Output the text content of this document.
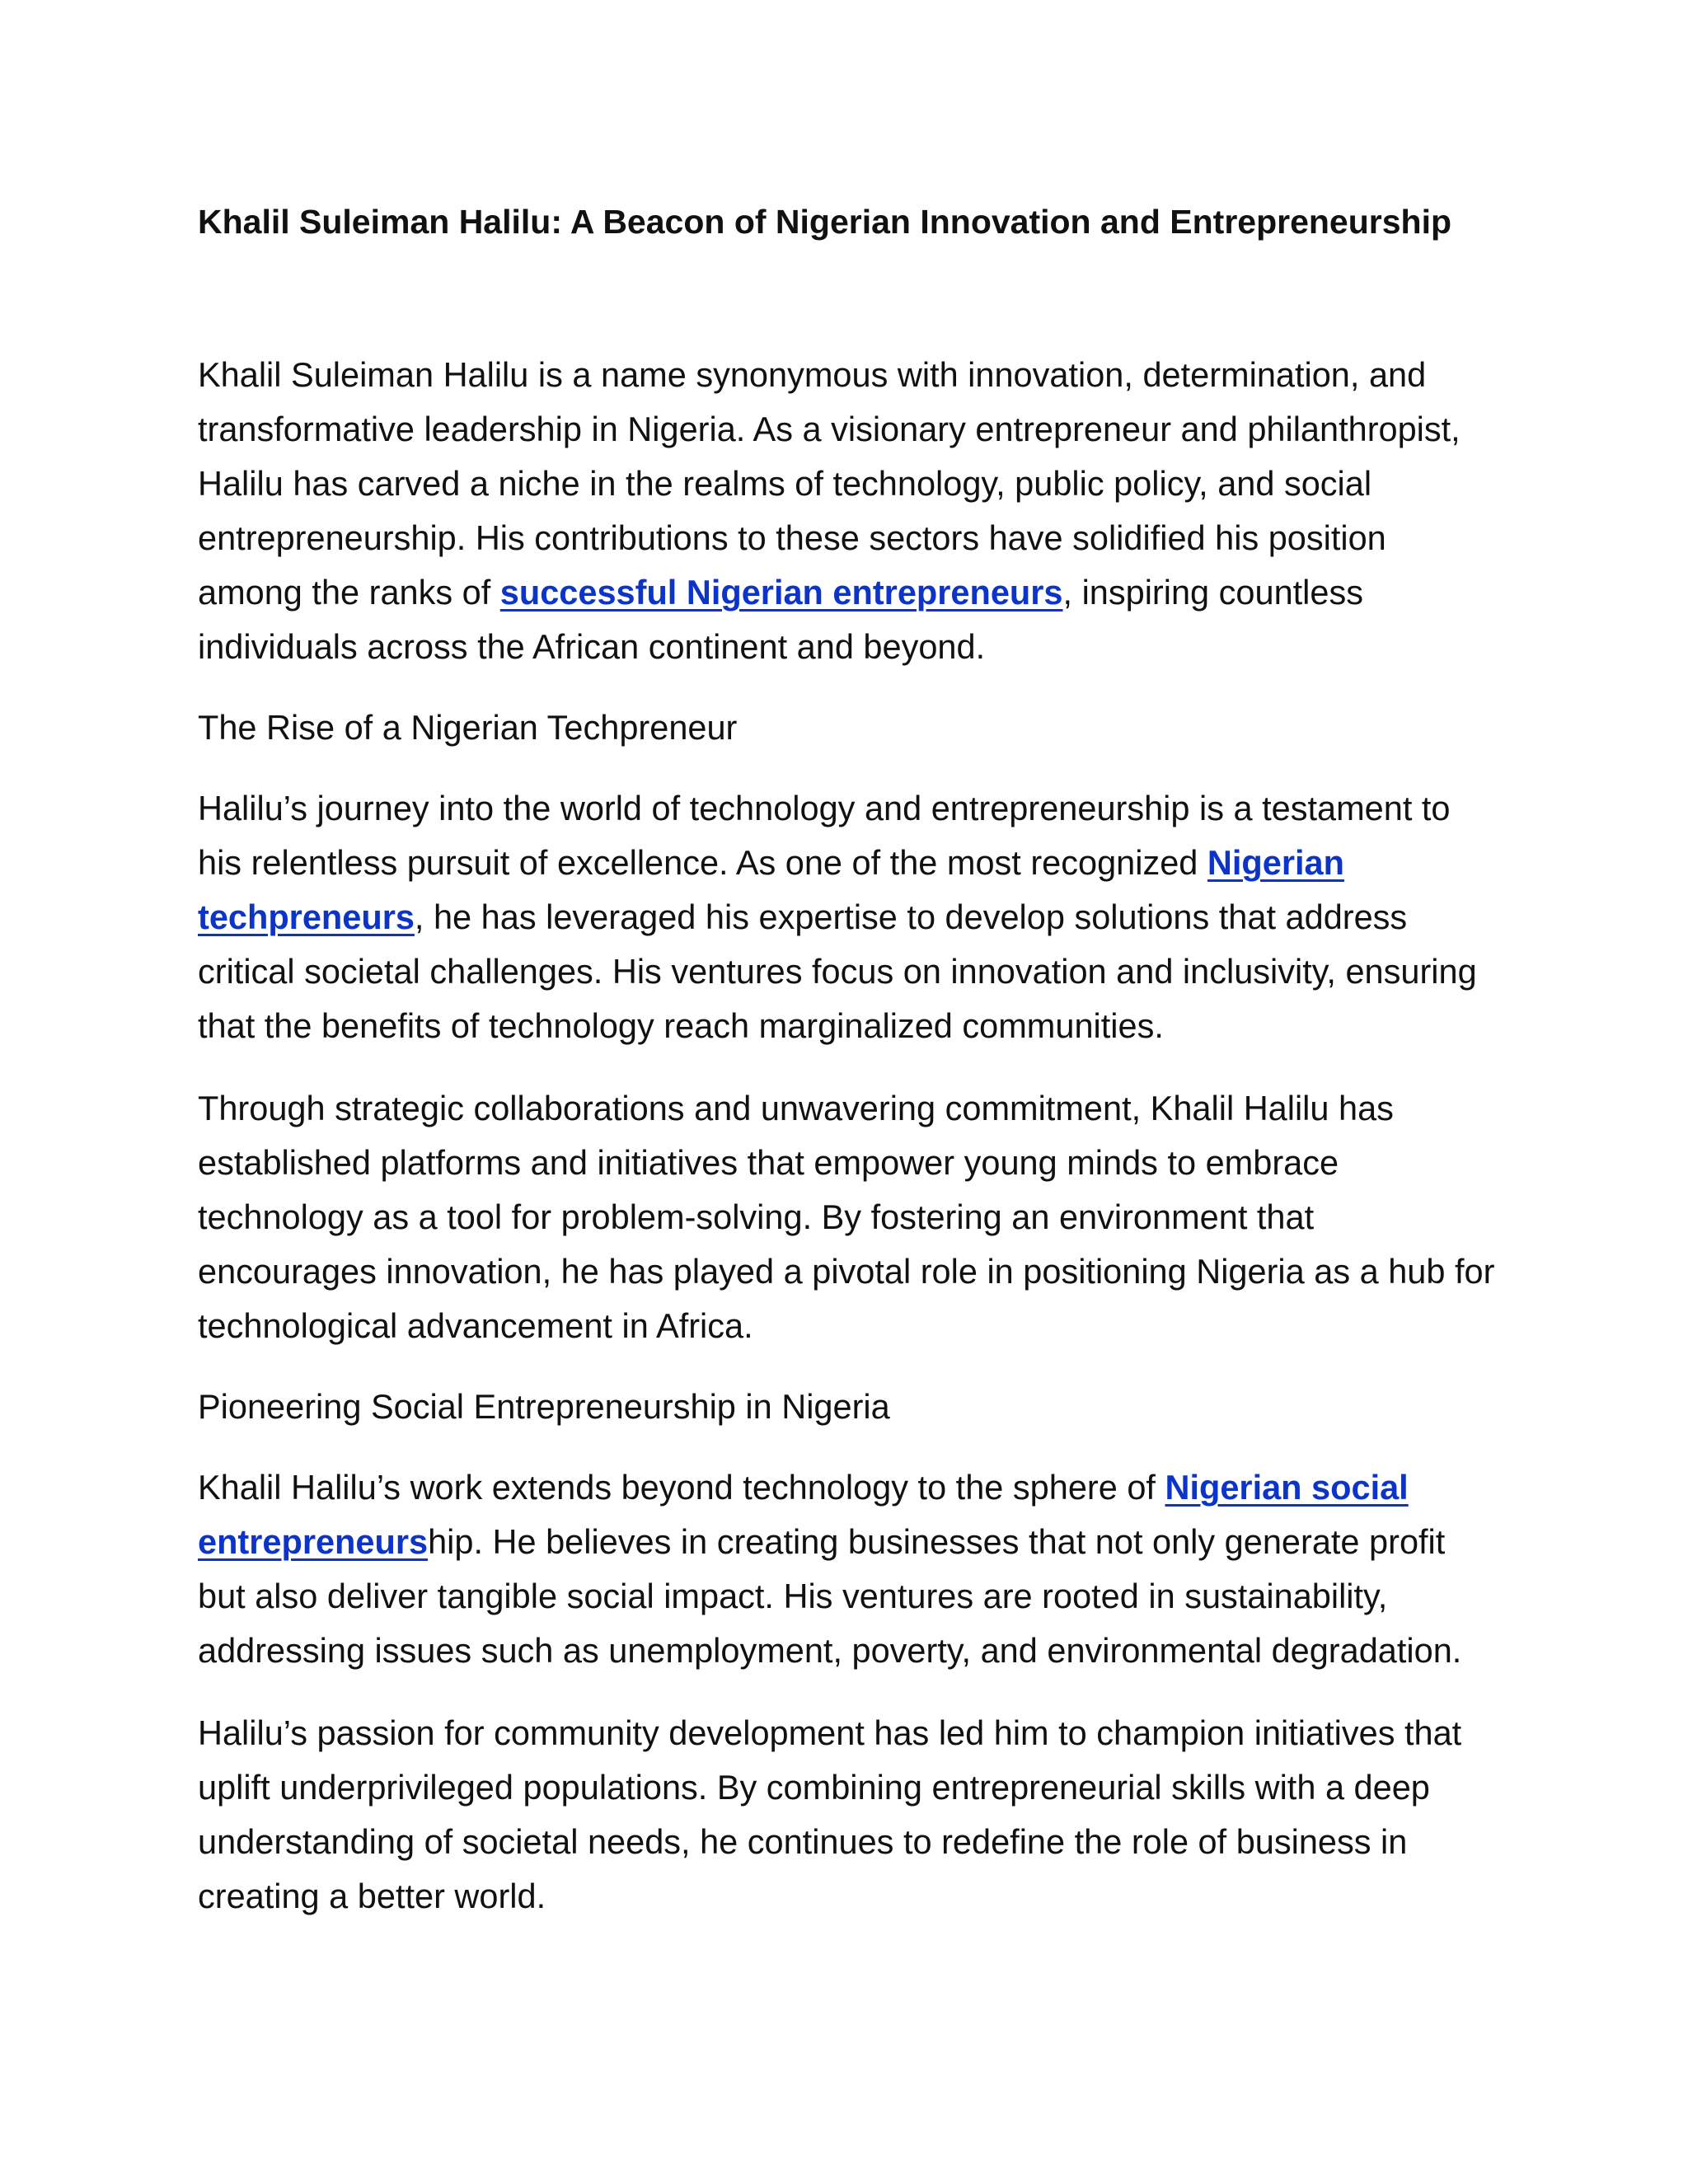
Khalil Suleiman Halilu: A Beacon of Nigerian Innovation and Entrepreneurship

Khalil Suleiman Halilu is a name synonymous with innovation, determination, and transformative leadership in Nigeria. As a visionary entrepreneur and philanthropist, Halilu has carved a niche in the realms of technology, public policy, and social entrepreneurship. His contributions to these sectors have solidified his position among the ranks of successful Nigerian entrepreneurs, inspiring countless individuals across the African continent and beyond.

The Rise of a Nigerian Techpreneur

Halilu’s journey into the world of technology and entrepreneurship is a testament to his relentless pursuit of excellence. As one of the most recognized Nigerian techpreneurs, he has leveraged his expertise to develop solutions that address critical societal challenges. His ventures focus on innovation and inclusivity, ensuring that the benefits of technology reach marginalized communities.

Through strategic collaborations and unwavering commitment, Khalil Halilu has established platforms and initiatives that empower young minds to embrace technology as a tool for problem-solving. By fostering an environment that encourages innovation, he has played a pivotal role in positioning Nigeria as a hub for technological advancement in Africa.

Pioneering Social Entrepreneurship in Nigeria

Khalil Halilu’s work extends beyond technology to the sphere of Nigerian social entrepreneurship. He believes in creating businesses that not only generate profit but also deliver tangible social impact. His ventures are rooted in sustainability, addressing issues such as unemployment, poverty, and environmental degradation.

Halilu’s passion for community development has led him to champion initiatives that uplift underprivileged populations. By combining entrepreneurial skills with a deep understanding of societal needs, he continues to redefine the role of business in creating a better world.
